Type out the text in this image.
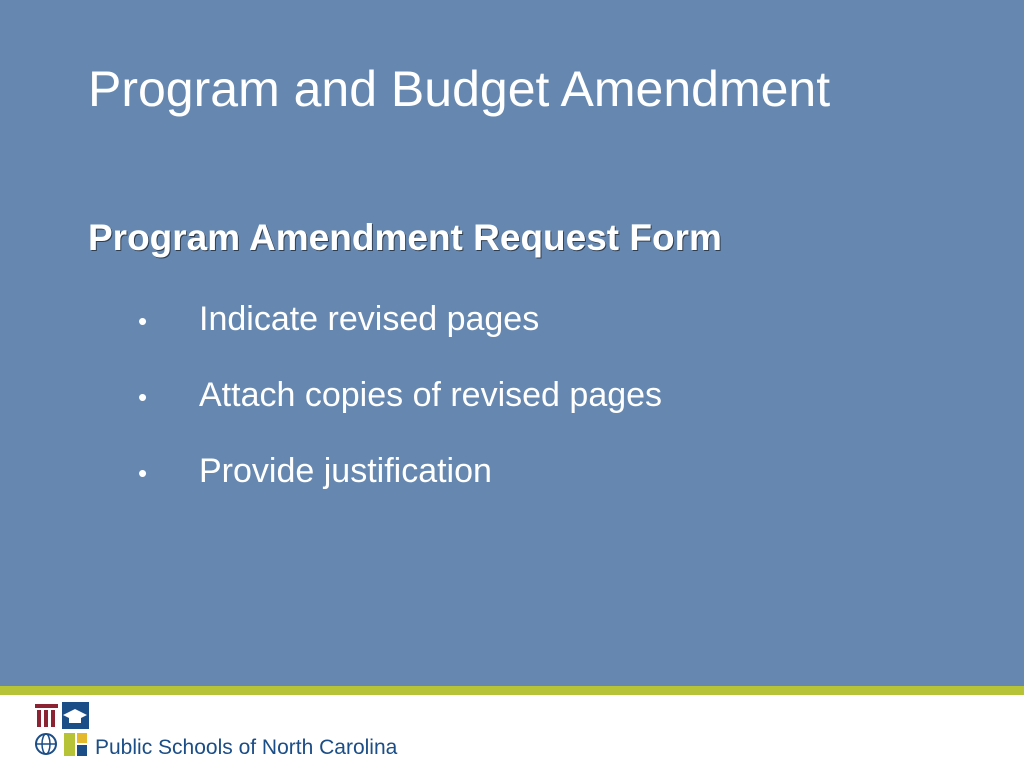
Program and Budget Amendment
Program Amendment Request Form
•	Indicate revised pages
•	Attach copies of revised pages
•	Provide justification
Public Schools of North Carolina
